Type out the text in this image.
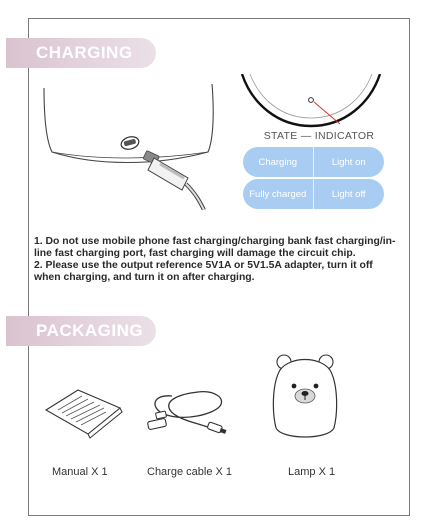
CHARGING
STATE — INDICATOR
Charging	Light on
Fully charged	Light off

1. Do not use mobile phone fast charging/charging bank fast charging/in-line fast charging port, fast charging will damage the circuit chip.

2. Please use the output reference 5V1A or 5V1.5A adapter, turn it off when charging, and turn it on after charging.

PACKAGING
Manual X 1	Charge cable X 1	Lamp X 1
